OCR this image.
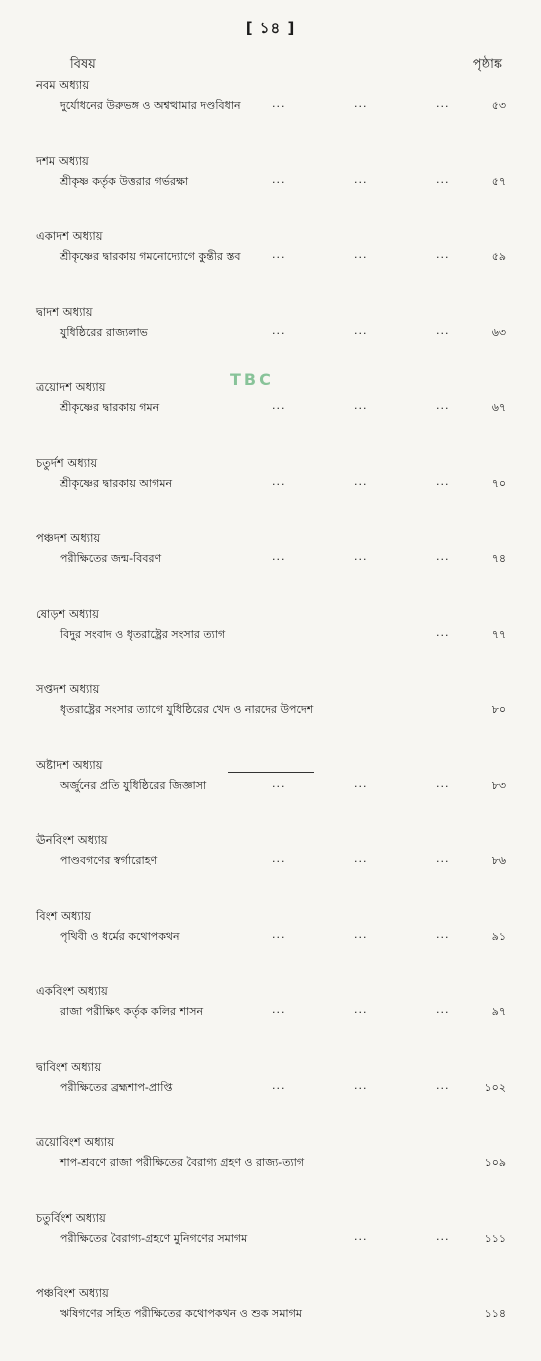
[ ১৪ ]
বিষয়	পৃষ্ঠাঙ্ক
নবম অধ্যায়
দুর্যোধনের উরুভঙ্গ ও অশ্বত্থামার দণ্ডবিধান	...	...	...	৫৩
দশম অধ্যায়
শ্রীকৃষ্ণ কর্তৃক উত্তরার গর্ভরক্ষা	...	...	...	৫৭
একাদশ অধ্যায়
শ্রীকৃষ্ণের দ্বারকায় গমনোদ্যোগে কুন্তীর স্তব	...	...	...	৫৯
দ্বাদশ অধ্যায়
যুধিষ্ঠিরের রাজ্যলাভ	...	...	...	৬৩
ত্রয়োদশ অধ্যায়
শ্রীকৃষ্ণের দ্বারকায় গমন	...	...	...	৬৭
চতুর্দশ অধ্যায়
শ্রীকৃষ্ণের দ্বারকায় আগমন	...	...	...	৭০
পঞ্চদশ অধ্যায়
পরীক্ষিতের জন্ম-বিবরণ	...	...	...	৭৪
ষোড়শ অধ্যায়
বিদুর সংবাদ ও ধৃতরাষ্ট্রের সংসার ত্যাগ	...	৭৭
সপ্তদশ অধ্যায়
ধৃতরাষ্ট্রের সংসার ত্যাগে যুধিষ্ঠিরের খেদ ও নারদের উপদেশ	৮০
অষ্টাদশ অধ্যায়
অর্জুনের প্রতি যুধিষ্ঠিরের জিজ্ঞাসা	...	...	...	৮৩
ঊনবিংশ অধ্যায়
পাণ্ডবগণের স্বর্গারোহণ	...	...	...	৮৬
বিংশ অধ্যায়
পৃথিবী ও ধর্মের কথোপকথন	...	...	...	৯১
একবিংশ অধ্যায়
রাজা পরীক্ষিৎ কর্তৃক কলির শাসন	...	...	...	৯৭
দ্বাবিংশ অধ্যায়
পরীক্ষিতের ব্রহ্মশাপ-প্রাপ্তি	...	...	...	১০২
ত্রয়োবিংশ অধ্যায়
শাপ-শ্রবণে রাজা পরীক্ষিতের বৈরাগ্য গ্রহণ ও রাজ্য-ত্যাগ	১০৯
চতুর্বিংশ অধ্যায়
পরীক্ষিতের বৈরাগ্য-গ্রহণে মুনিগণের সমাগম	...	...	১১১
পঞ্চবিংশ অধ্যায়
ঋষিগণের সহিত পরীক্ষিতের কথোপকথন ও শুক সমাগম	১১৪
TBC
